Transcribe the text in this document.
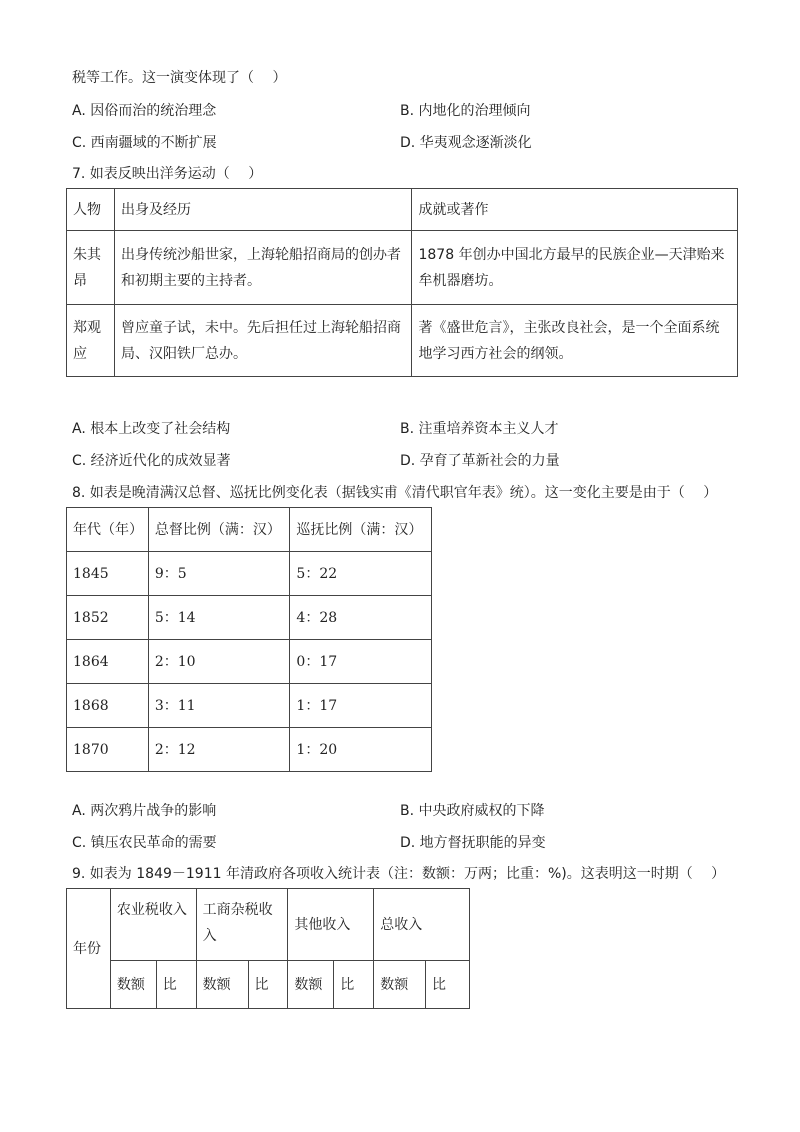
税等工作。这一演变体现了（　 ）
A. 因俗而治的统治理念	B. 内地化的治理倾向
C. 西南疆域的不断扩展	D. 华夷观念逐渐淡化
7. 如表反映出洋务运动（　 ）
人物	出身及经历	成就或著作
朱其昂	出身传统沙船世家，上海轮船招商局的创办者和初期主要的主持者。	1878 年创办中国北方最早的民族企业—天津贻来牟机器磨坊。
郑观应	曾应童子试，未中。先后担任过上海轮船招商局、汉阳铁厂总办。	著《盛世危言》，主张改良社会，是一个全面系统地学习西方社会的纲领。
A. 根本上改变了社会结构	B. 注重培养资本主义人才
C. 经济近代化的成效显著	D. 孕育了革新社会的力量
8. 如表是晚清满汉总督、巡抚比例变化表（据钱实甫《清代职官年表》统）。这一变化主要是由于（　 ）
年代（年）	总督比例（满：汉）	巡抚比例（满：汉）
1845	9：5	5：22
1852	5：14	4：28
1864	2：10	0：17
1868	3：11	1：17
1870	2：12	1：20
A. 两次鸦片战争的影响	B. 中央政府威权的下降
C. 镇压农民革命的需要	D. 地方督抚职能的异变
9. 如表为 1849－1911 年清政府各项收入统计表（注：数额：万两；比重：%)。这表明这一时期（　 ）
年份	农业税收入		工商杂税收入		其他收入		总收入	
	数额	比	数额	比	数额	比	数额	比
